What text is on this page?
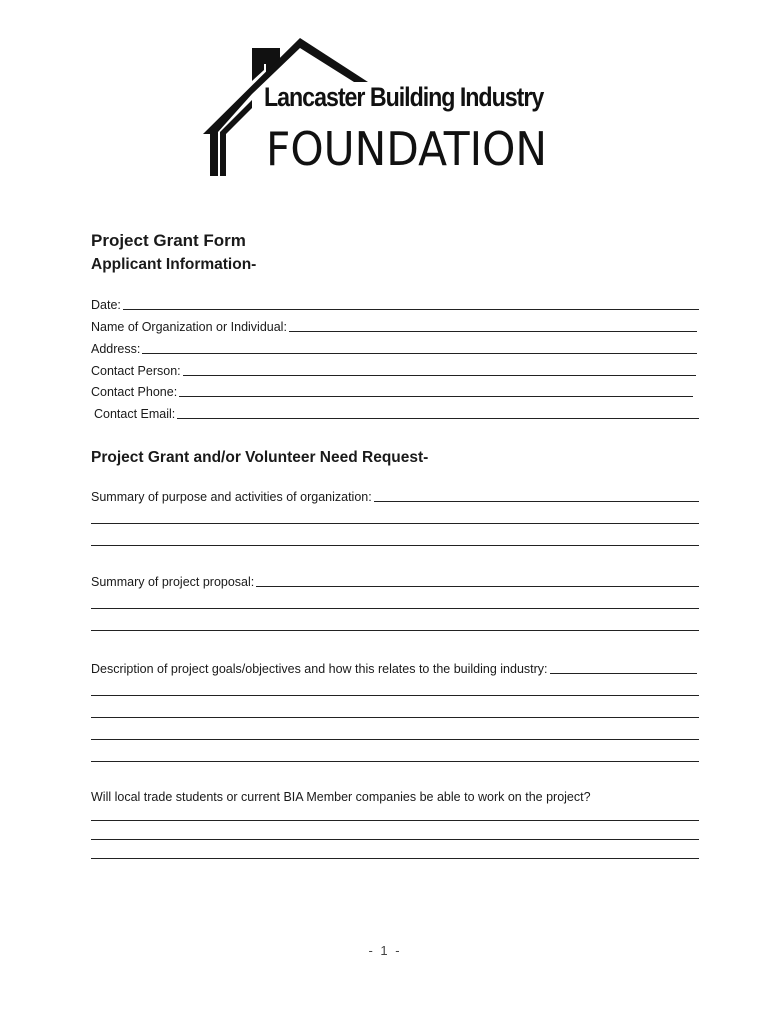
Lancaster Building Industry
FOUNDATION
Project Grant Form
Applicant Information-
Date:
Name of Organization or Individual:
Address:
Contact Person:
Contact Phone:
Contact Email:
Project Grant and/or Volunteer Need Request-
Summary of purpose and activities of organization:
Summary of project proposal:
Description of project goals/objectives and how this relates to the building industry:
Will local trade students or current BIA Member companies be able to work on the project?
- 1 -
